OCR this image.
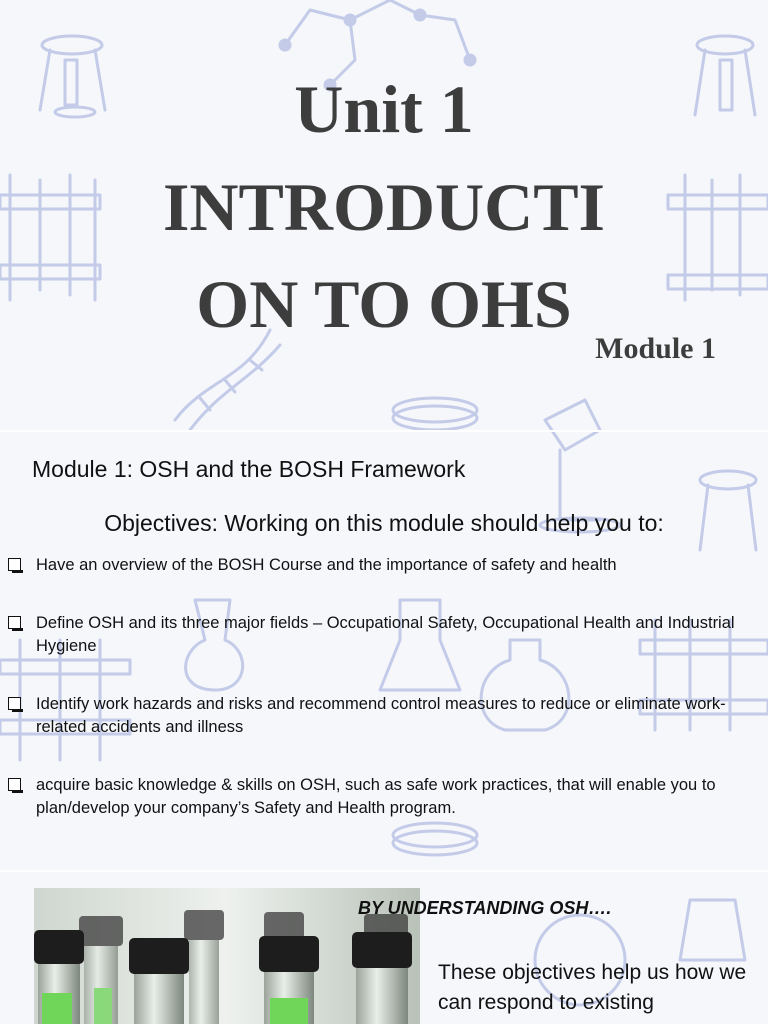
Unit 1
INTRODUCTI
ON TO OHS
Module 1
Module 1: OSH and the BOSH Framework
Objectives: Working on this module should help you to:
Have an overview of the BOSH Course and the importance of safety and health
Define OSH and its three major fields – Occupational Safety, Occupational Health and Industrial Hygiene
Identify work hazards and risks and recommend control measures to reduce or eliminate work-related accidents and illness
acquire basic knowledge & skills on OSH, such as safe work practices, that will enable you to plan/develop your company’s Safety and Health program.
BY UNDERSTANDING OSH….
These objectives help us how we can respond to existing
